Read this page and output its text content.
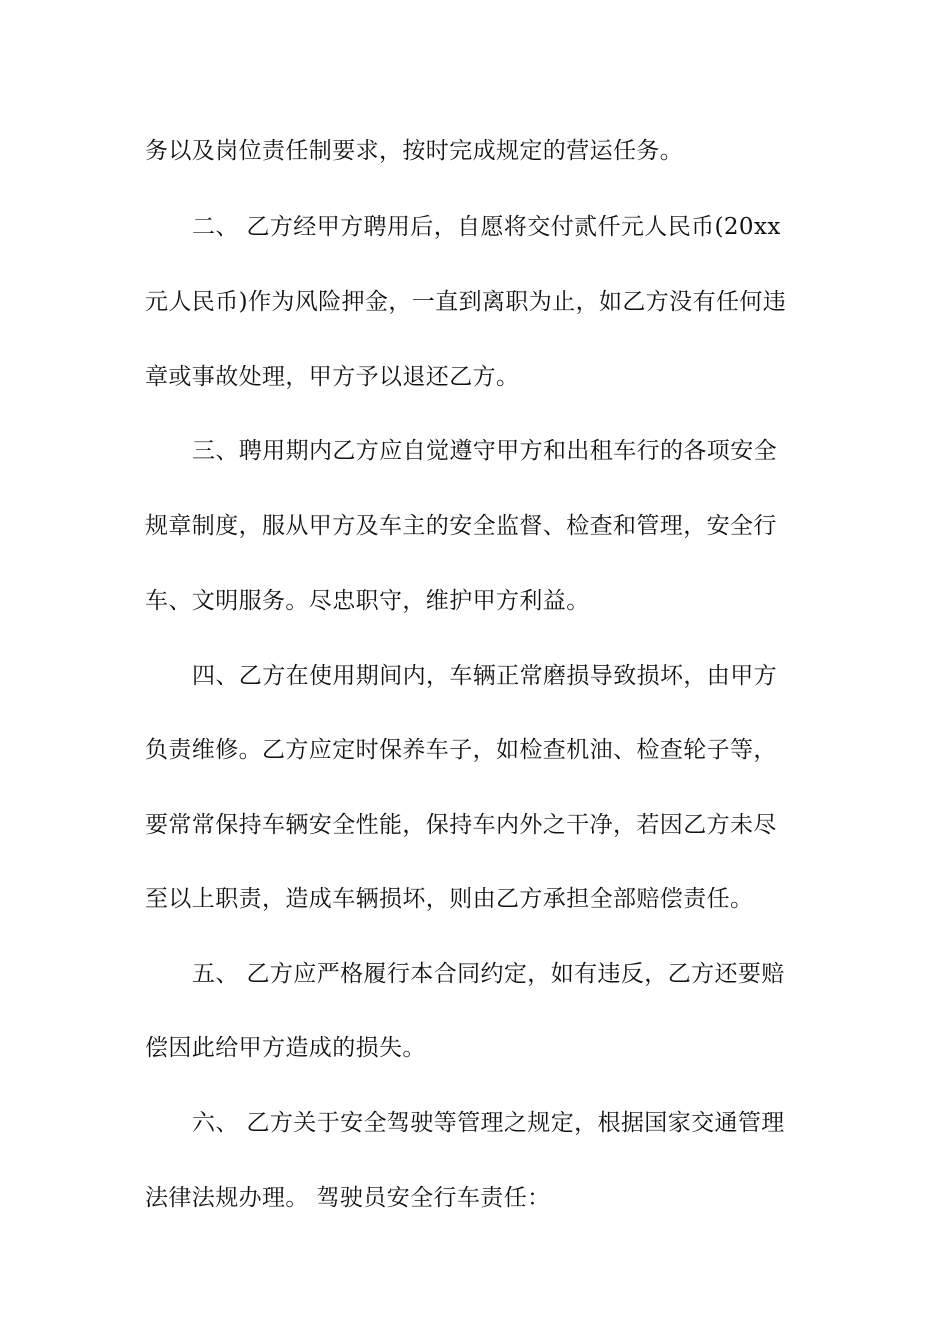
务以及岗位责任制要求，按时完成规定的营运任务。
二、 乙方经甲方聘用后，自愿将交付贰仟元人民币(20xx
元人民币)作为风险押金，一直到离职为止，如乙方没有任何违
章或事故处理，甲方予以退还乙方。
三、聘用期内乙方应自觉遵守甲方和出租车行的各项安全
规章制度，服从甲方及车主的安全监督、检查和管理，安全行
车、文明服务。尽忠职守，维护甲方利益。
四、乙方在使用期间内，车辆正常磨损导致损坏，由甲方
负责维修。乙方应定时保养车子，如检查机油、检查轮子等，
要常常保持车辆安全性能，保持车内外之干净，若因乙方未尽
至以上职责，造成车辆损坏，则由乙方承担全部赔偿责任。
五、 乙方应严格履行本合同约定，如有违反，乙方还要赔
偿因此给甲方造成的损失。
六、 乙方关于安全驾驶等管理之规定，根据国家交通管理
法律法规办理。 驾驶员安全行车责任：
